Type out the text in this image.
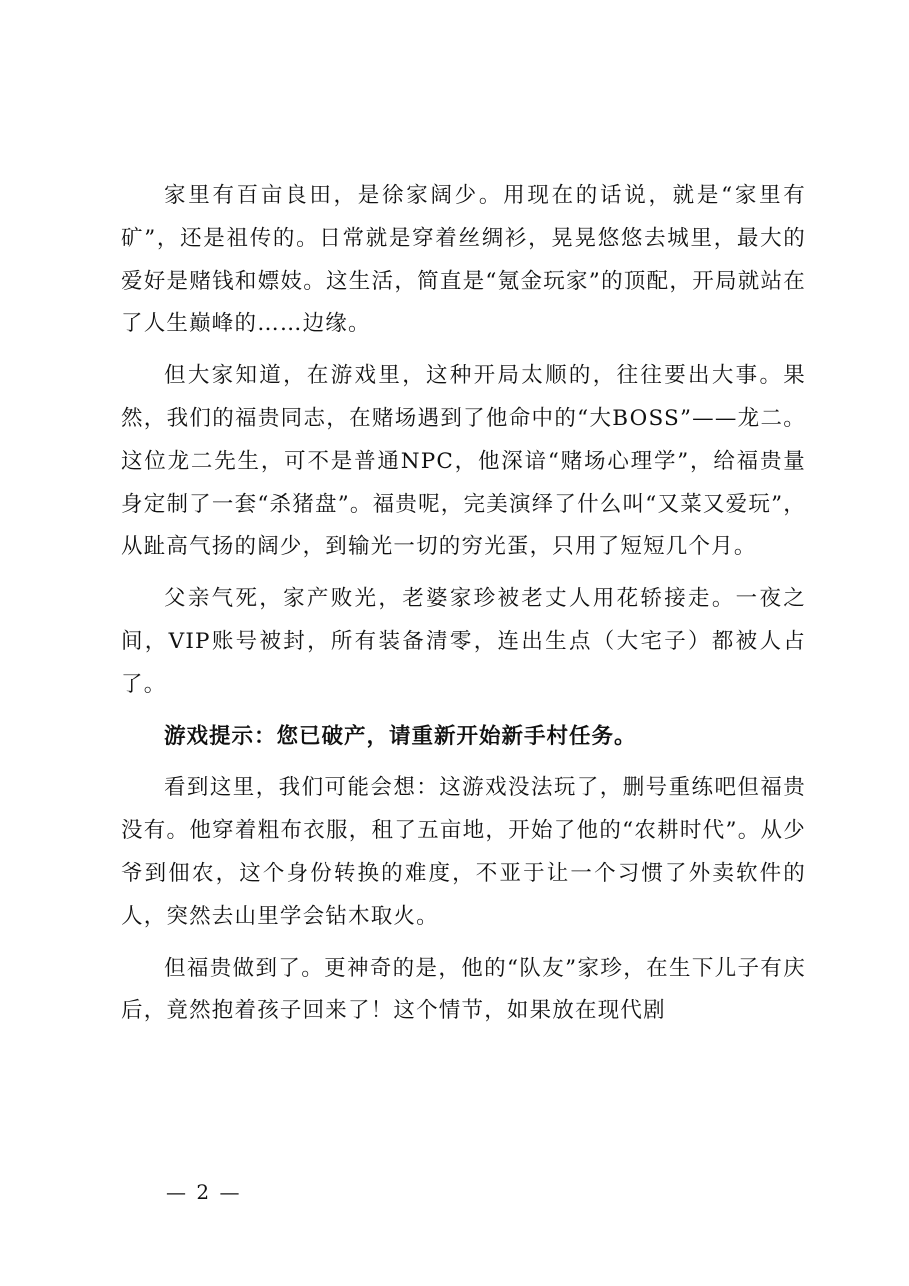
家里有百亩良田，是徐家阔少。用现在的话说，就是“家里有矿”，还是祖传的。日常就是穿着丝绸衫，晃晃悠悠去城里，最大的爱好是赌钱和嫖妓。这生活，简直是“氪金玩家”的顶配，开局就站在了人生巅峰的……边缘。

但大家知道，在游戏里，这种开局太顺的，往往要出大事。果然，我们的福贵同志，在赌场遇到了他命中的“大BOSS”——龙二。这位龙二先生，可不是普通NPC，他深谙“赌场心理学”，给福贵量身定制了一套“杀猪盘”。福贵呢，完美演绎了什么叫“又菜又爱玩”，从趾高气扬的阔少，到输光一切的穷光蛋，只用了短短几个月。

父亲气死，家产败光，老婆家珍被老丈人用花轿接走。一夜之间，VIP账号被封，所有装备清零，连出生点（大宅子）都被人占了。

游戏提示：您已破产，请重新开始新手村任务。

看到这里，我们可能会想：这游戏没法玩了，删号重练吧但福贵没有。他穿着粗布衣服，租了五亩地，开始了他的“农耕时代”。从少爷到佃农，这个身份转换的难度，不亚于让一个习惯了外卖软件的人，突然去山里学会钻木取火。

但福贵做到了。更神奇的是，他的“队友”家珍，在生下儿子有庆后，竟然抱着孩子回来了！这个情节，如果放在现代剧

— 2 —
